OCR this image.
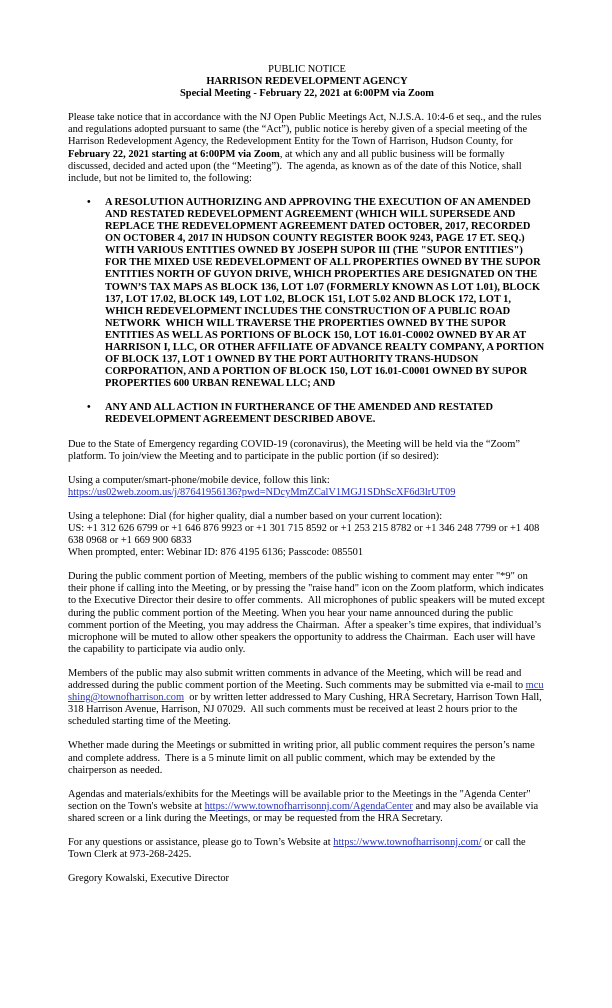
PUBLIC NOTICE
HARRISON REDEVELOPMENT AGENCY
Special Meeting - February 22, 2021 at 6:00PM via Zoom

Please take notice that in accordance with the NJ Open Public Meetings Act, N.J.S.A. 10:4-6 et seq., and the rules and regulations adopted pursuant to same (the “Act”), public notice is hereby given of a special meeting of the Harrison Redevelopment Agency, the Redevelopment Entity for the Town of Harrison, Hudson County, for February 22, 2021 starting at 6:00PM via Zoom, at which any and all public business will be formally discussed, decided and acted upon (the “Meeting”).  The agenda, as known as of the date of this Notice, shall include, but not be limited to, the following:

• A RESOLUTION AUTHORIZING AND APPROVING THE EXECUTION OF AN AMENDED AND RESTATED REDEVELOPMENT AGREEMENT (WHICH WILL SUPERSEDE AND REPLACE THE REDEVELOPMENT AGREEMENT DATED OCTOBER, 2017, RECORDED ON OCTOBER 4, 2017 IN HUDSON COUNTY REGISTER BOOK 9243, PAGE 17 ET. SEQ.) WITH VARIOUS ENTITIES OWNED BY JOSEPH SUPOR III (THE "SUPOR ENTITIES") FOR THE MIXED USE REDEVELOPMENT OF ALL PROPERTIES OWNED BY THE SUPOR ENTITIES NORTH OF GUYON DRIVE, WHICH PROPERTIES ARE DESIGNATED ON THE TOWN’S TAX MAPS AS BLOCK 136, LOT 1.07 (FORMERLY KNOWN AS LOT 1.01), BLOCK 137, LOT 17.02, BLOCK 149, LOT 1.02, BLOCK 151, LOT 5.02 AND BLOCK 172, LOT 1, WHICH REDEVELOPMENT INCLUDES THE CONSTRUCTION OF A PUBLIC ROAD NETWORK  WHICH WILL TRAVERSE THE PROPERTIES OWNED BY THE SUPOR ENTITIES AS WELL AS PORTIONS OF BLOCK 150, LOT 16.01-C0002 OWNED BY AR AT HARRISON I, LLC, OR OTHER AFFILIATE OF ADVANCE REALTY COMPANY, A PORTION OF BLOCK 137, LOT 1 OWNED BY THE PORT AUTHORITY TRANS-HUDSON CORPORATION, AND A PORTION OF BLOCK 150, LOT 16.01-C0001 OWNED BY SUPOR PROPERTIES 600 URBAN RENEWAL LLC; AND
• ANY AND ALL ACTION IN FURTHERANCE OF THE AMENDED AND RESTATED REDEVELOPMENT AGREEMENT DESCRIBED ABOVE.

Due to the State of Emergency regarding COVID-19 (coronavirus), the Meeting will be held via the “Zoom” platform. To join/view the Meeting and to participate in the public portion (if so desired):

Using a computer/smart-phone/mobile device, follow this link:

https://us02web.zoom.us/j/87641956136?pwd=NDcyMmZCalV1MGJ1SDhScXF6d3lrUT09

Using a telephone: Dial (for higher quality, dial a number based on your current location):

US: +1 312 626 6799 or +1 646 876 9923 or +1 301 715 8592 or +1 253 215 8782 or +1 346 248 7799 or +1 408 638 0968 or +1 669 900 6833

When prompted, enter: Webinar ID: 876 4195 6136; Passcode: 085501

During the public comment portion of Meeting, members of the public wishing to comment may enter "*9" on their phone if calling into the Meeting, or by pressing the "raise hand" icon on the Zoom platform, which indicates to the Executive Director their desire to offer comments.  All microphones of public speakers will be muted except during the public comment portion of the Meeting. When you hear your name announced during the public comment portion of the Meeting, you may address the Chairman.  After a speaker’s time expires, that individual’s microphone will be muted to allow other speakers the opportunity to address the Chairman.  Each user will have the capability to participate via audio only.

Members of the public may also submit written comments in advance of the Meeting, which will be read and addressed during the public comment portion of the Meeting. Such comments may be submitted via e-mail to mcushing@townofharrison.com  or by written letter addressed to Mary Cushing, HRA Secretary, Harrison Town Hall, 318 Harrison Avenue, Harrison, NJ 07029.  All such comments must be received at least 2 hours prior to the scheduled starting time of the Meeting.

Whether made during the Meetings or submitted in writing prior, all public comment requires the person’s name and complete address.  There is a 5 minute limit on all public comment, which may be extended by the chairperson as needed.

Agendas and materials/exhibits for the Meetings will be available prior to the Meetings in the "Agenda Center" section on the Town's website at https://www.townofharrisonnj.com/AgendaCenter and may also be available via shared screen or a link during the Meetings, or may be requested from the HRA Secretary.

For any questions or assistance, please go to Town’s Website at https://www.townofharrisonnj.com/ or call the Town Clerk at 973-268-2425.

Gregory Kowalski, Executive Director
